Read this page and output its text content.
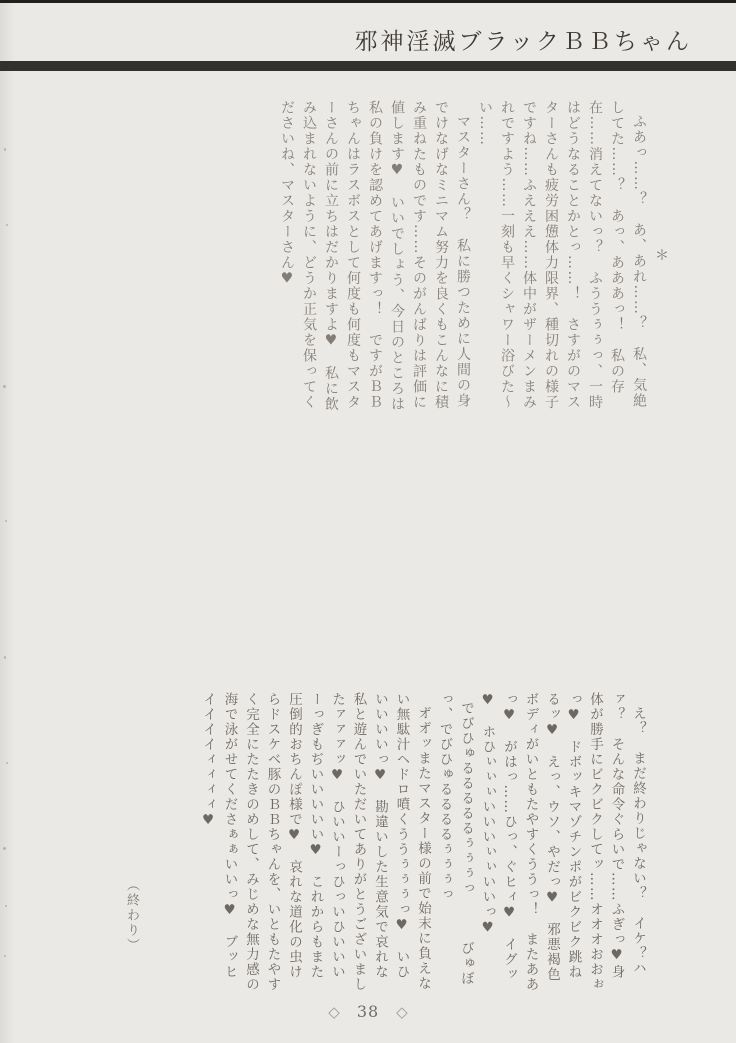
邪神淫滅ブラックＢＢちゃん

＊

ふあっ……？　あ、あれ……？　私、気絶してた……？　あっ、あああっ！　私の存在……消えてないっ？　ふううぅぅっ、一時はどうなることかとっ……！　さすがのマスターさんも疲労困憊体力限界、種切れの様子ですね……ふえええ……体中がザーメンまみれですよう……一刻も早くシャワー浴びた～い……

マスターさん？　私に勝つために人間の身でけなげなミニマム努力を良くもこんなに積み重ねたものです……そのがんばりは評価に値します♥　いいでしょう、今日のところは私の負けを認めてあげますっ！　ですがＢＢちゃんはラスボスとして何度も何度もマスターさんの前に立ちはだかりますよ♥　私に飲み込まれないように、どうか正気を保ってくださいね、マスターさん♥

え？　まだ終わりじゃない？　イケ？ハァ？　そんな命令ぐらいで……ふぎっ♥身体が勝手にビクビクしてッ……オオオおおぉっ♥　ドボッキマゾチンポがビクビク跳ねるッ♥　えっ、ウソ、やだっ♥　邪悪褐色ボディがいともたやすくううっ！　またああっ♥　がはっ……ひっ、ぐヒィ♥　イグッ♥　ホひぃぃぃいいいぃぃいいっ♥

でびひゅるるるるるぅぅぅっ　　　びゅぼ

っ、でびひゅるるるるぅぅぅっ

オ゙オ゙ッまたマスター様の前で始末に負えない無駄汁ヘドロ噴くううぅぅぅっ♥　いひいいいいっ♥　勘違いした生意気で哀れな私と遊んでいただいてありがとうございましたァァァッ♥　ひいいーっひっいひいいいーっぎもぢいいいいい♥　これからもまた圧倒的おちんぽ様で♥　哀れな道化の虫けらドスケベ豚のＢＢちゃんを、いともたやすく完全にたたきのめして、みじめな無力感の海で泳がせてくださぁぁいいっ♥　ブッヒイイイイィィィィ♥

（終わり）
◇ 38 ◇
